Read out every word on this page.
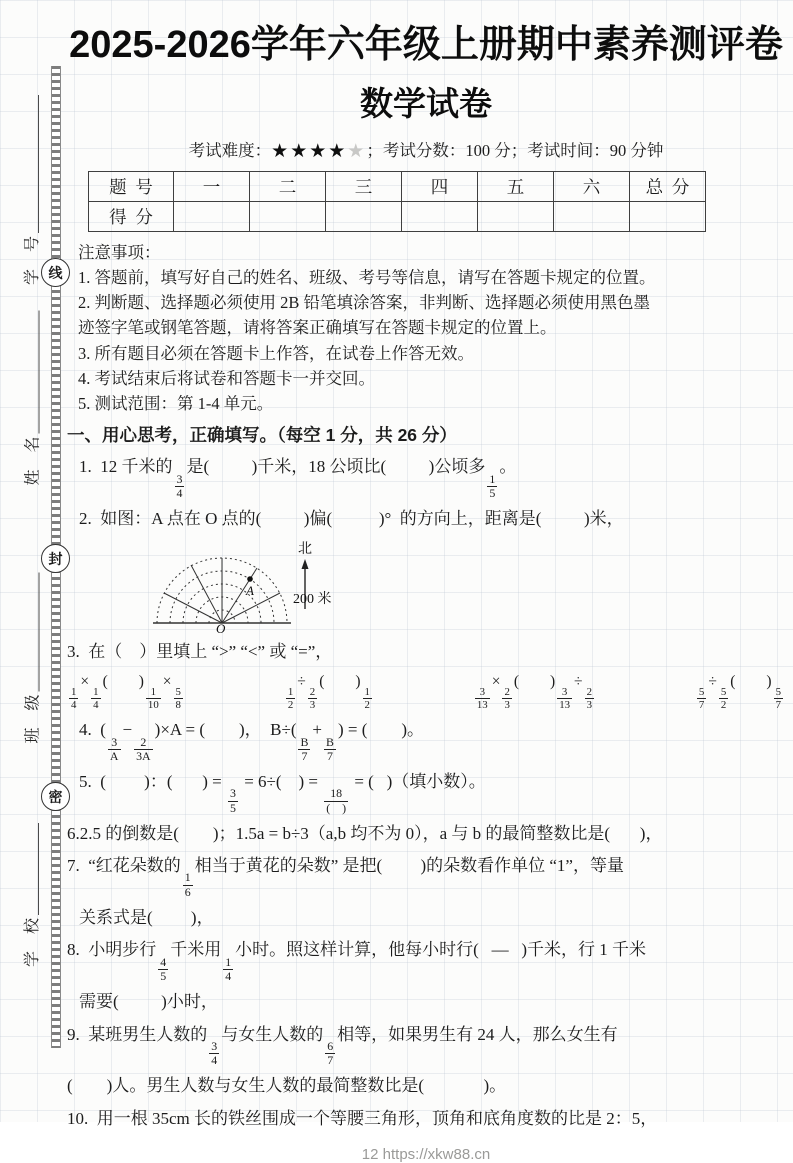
线
封
密
学  号
姓  名
班  级
学  校
2025-2026学年六年级上册期中素养测评卷
数学试卷
考试难度：★★★★★；考试分数：100 分；考试时间：90 分钟
题  号	一	二	三	四	五	六	总  分
得  分							
注意事项：
1. 答题前，填写好自己的姓名、班级、考号等信息，请写在答题卡规定的位置。
2. 判断题、选择题必须使用 2B 铅笔填涂答案，非判断、选择题必须使用黑色墨
迹签字笔或钢笔答题，请将答案正确填写在答题卡规定的位置上。
3. 所有题目必须在答题卡上作答，在试卷上作答无效。
4. 考试结束后将试卷和答题卡一并交回。
5. 测试范围：第 1-4 单元。
一、用心思考，正确填写。（每空 1 分，共 26 分）
1.  12 千米的
$\frac{3}{4}$
是(          )千米，18 公顷比(          )公顷多
$\frac{1}{5}$
。
2.  如图：A 点在 O 点的(          )偏(           )°  的方向上，距离是(          )米，
A
O
北
200 米
3.  在（    ）里填上 “>” “<” 或 “=”，
$\frac{1}{4}$
×
$\frac{1}{4}$
(        )
$\frac{1}{10}$
×
$\frac{5}{8}$	$\frac{1}{2}$
÷
$\frac{2}{3}$
(        )
$\frac{1}{2}$	$\frac{3}{13}$
×
$\frac{2}{3}$
(        )
$\frac{3}{13}$
÷
$\frac{2}{3}$	$\frac{5}{7}$
÷
$\frac{5}{2}$
(        )
$\frac{5}{7}$
4.  (
$\frac{3}{A}$
−
$\frac{2}{3A}$
)×A = (        )，  B÷(
$\frac{B}{7}$
+
$\frac{B}{7}$
) = (        )。
5.  (         )：(       ) =
$\frac{3}{5}$
= 6÷(    ) =
$\frac{18}{( )}$
= (   )（填小数）。
6.2.5 的倒数是(        )；1.5a = b÷3（a,b 均不为 0），a 与 b 的最简整数比是(       )，
7.  “红花朵数的
$\frac{1}{6}$
相当于黄花的朵数” 是把(         )的朵数看作单位 “1”，等量
关系式是(         )，
8.  小明步行
$\frac{4}{5}$
千米用
$\frac{1}{4}$
小时。照这样计算，他每小时行(   —   )千米，行 1 千米
需要(          )小时，
9.  某班男生人数的
$\frac{3}{4}$
与女生人数的
$\frac{6}{7}$
相等，如果男生有 24 人，那么女生有
(        )人。男生人数与女生人数的最简整数比是(              )。
10.  用一根 35cm 长的铁丝围成一个等腰三角形，顶角和底角度数的比是 2：5，
12 https://xkw88.cn
